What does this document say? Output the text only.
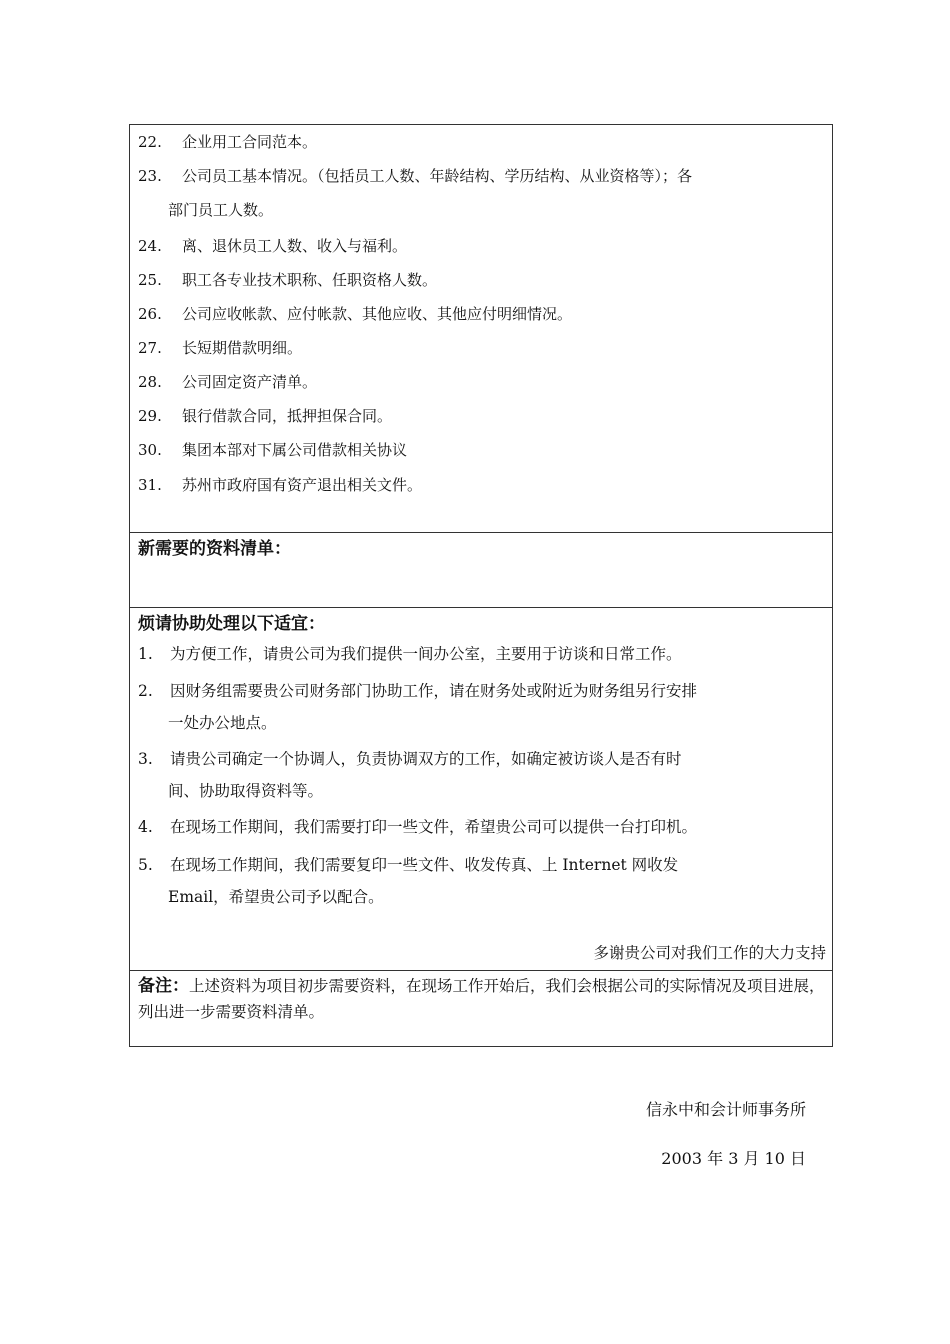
22. 企业用工合同范本。
23. 公司员工基本情况。（包括员工人数、年龄结构、学历结构、从业资格等）；各
部门员工人数。
24. 离、退休员工人数、收入与福利。
25. 职工各专业技术职称、任职资格人数。
26. 公司应收帐款、应付帐款、其他应收、其他应付明细情况。
27. 长短期借款明细。
28. 公司固定资产清单。
29. 银行借款合同，抵押担保合同。
30. 集团本部对下属公司借款相关协议
31. 苏州市政府国有资产退出相关文件。
新需要的资料清单：
烦请协助处理以下适宜：
1. 为方便工作，请贵公司为我们提供一间办公室，主要用于访谈和日常工作。
2. 因财务组需要贵公司财务部门协助工作，请在财务处或附近为财务组另行安排
一处办公地点。
3. 请贵公司确定一个协调人，负责协调双方的工作，如确定被访谈人是否有时
间、协助取得资料等。
4. 在现场工作期间，我们需要打印一些文件，希望贵公司可以提供一台打印机。
5. 在现场工作期间，我们需要复印一些文件、收发传真、上 Internet 网收发
Email，希望贵公司予以配合。
多谢贵公司对我们工作的大力支持
备注：上述资料为项目初步需要资料，在现场工作开始后，我们会根据公司的实际情况及项目进展，列出进一步需要资料清单。
信永中和会计师事务所
2003 年 3 月 10 日
